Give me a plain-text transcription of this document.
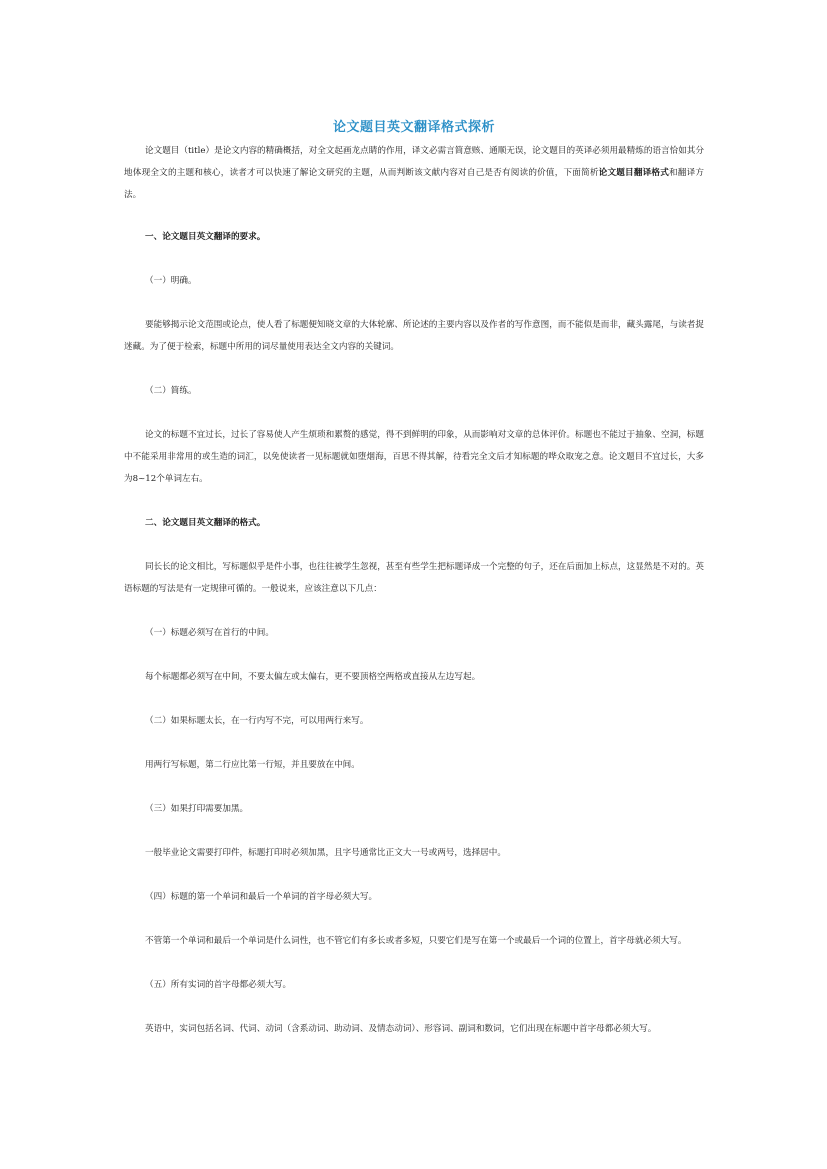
论文题目英文翻译格式探析

论文题目（title）是论文内容的精确概括，对全文起画龙点睛的作用，译文必需言简意赅、通顺无误，论文题目的英译必须用最精炼的语言恰如其分地体现全文的主题和核心，读者才可以快速了解论文研究的主题，从而判断该文献内容对自己是否有阅读的价值，下面简析论文题目翻译格式和翻译方法。

一、论文题目英文翻译的要求。

（一）明确。

要能够揭示论文范围或论点，使人看了标题便知晓文章的大体轮廓、所论述的主要内容以及作者的写作意图，而不能似是而非，藏头露尾，与读者捉迷藏。为了便于检索，标题中所用的词尽量使用表达全文内容的关键词。

（二）简练。

论文的标题不宜过长，过长了容易使人产生烦琐和累赘的感觉，得不到鲜明的印象，从而影响对文章的总体评价。标题也不能过于抽象、空洞，标题中不能采用非常用的或生造的词汇，以免使读者一见标题就如堕烟海，百思不得其解，待看完全文后才知标题的哗众取宠之意。论文题目不宜过长，大多为8~12个单词左右。

二、论文题目英文翻译的格式。

同长长的论文相比，写标题似乎是件小事，也往往被学生忽视，甚至有些学生把标题译成一个完整的句子，还在后面加上标点，这显然是不对的。英语标题的写法是有一定规律可循的。一般说来，应该注意以下几点：

（一）标题必须写在首行的中间。

每个标题都必须写在中间，不要太偏左或太偏右，更不要顶格空两格或直接从左边写起。

（二）如果标题太长，在一行内写不完，可以用两行来写。

用两行写标题，第二行应比第一行短，并且要放在中间。

（三）如果打印需要加黑。

一般毕业论文需要打印件，标题打印时必须加黑，且字号通常比正文大一号或两号，选择居中。

（四）标题的第一个单词和最后一个单词的首字母必须大写。

不管第一个单词和最后一个单词是什么词性，也不管它们有多长或者多短，只要它们是写在第一个或最后一个词的位置上，首字母就必须大写。

（五）所有实词的首字母都必须大写。

英语中，实词包括名词、代词、动词（含系动词、助动词、及情态动词）、形容词、副词和数词，它们出现在标题中首字母都必须大写。
